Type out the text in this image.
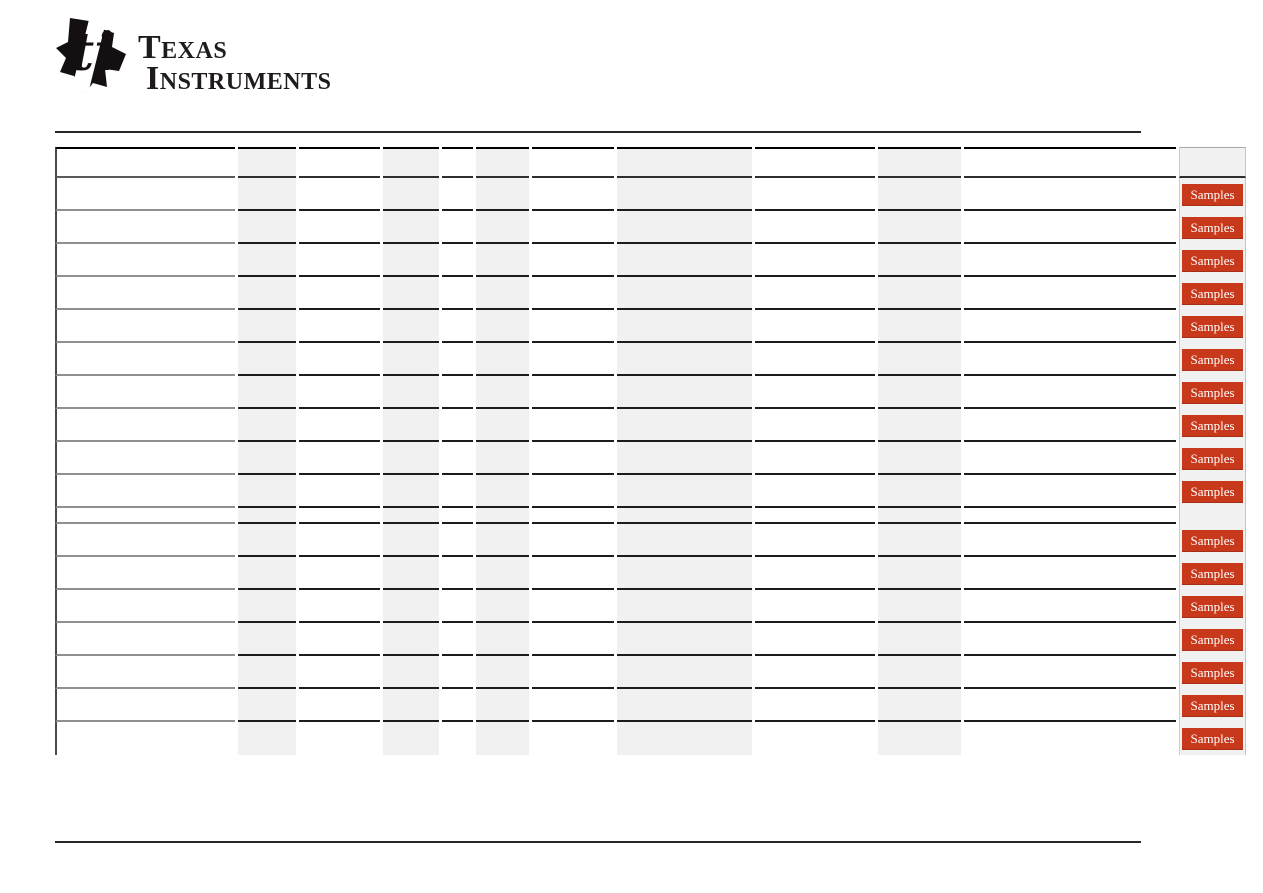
ti Texas
Instruments

											Samples
											Samples
											Samples
											Samples
											Samples
											Samples
											Samples
											Samples
											Samples
											Samples

											Samples
											Samples
											Samples
											Samples
											Samples
											Samples
											Samples
